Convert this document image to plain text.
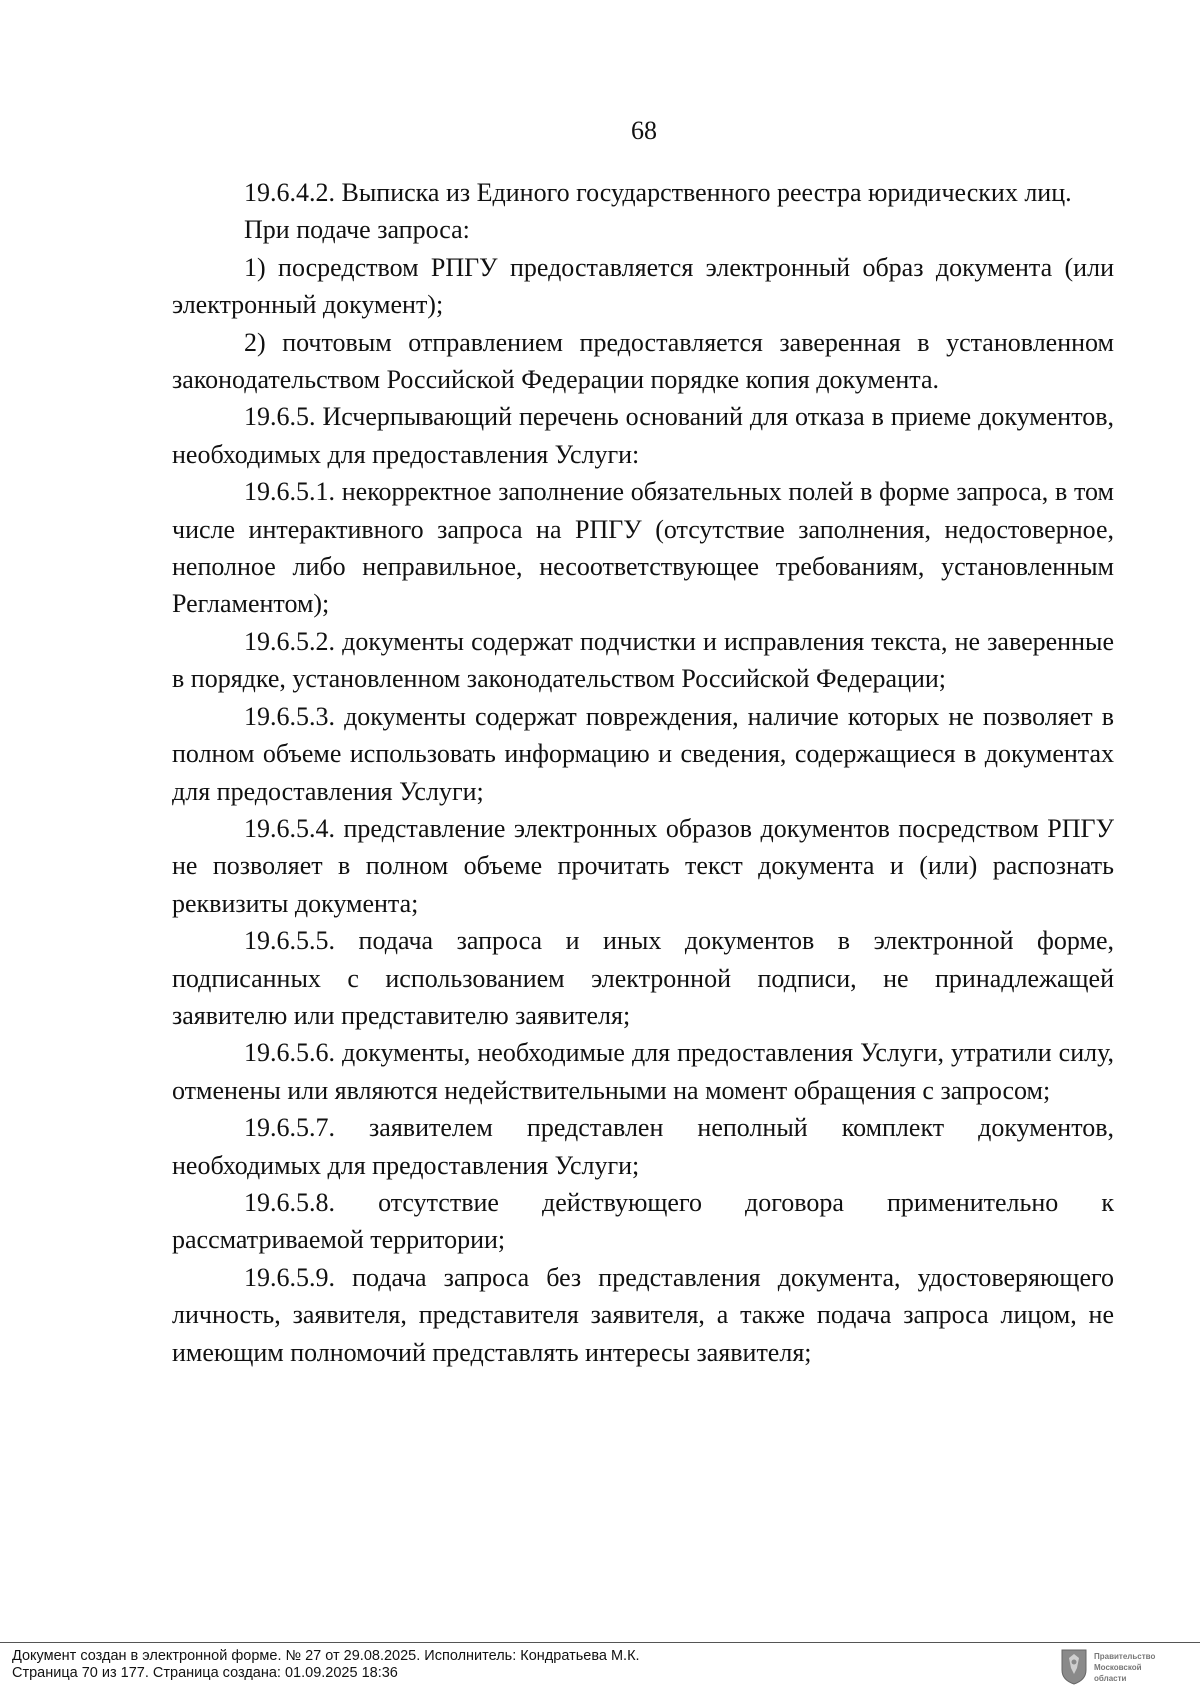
68

19.6.4.2. Выписка из Единого государственного реестра юридических лиц.

При подаче запроса:

1) посредством РПГУ предоставляется электронный образ документа (или электронный документ);

2) почтовым отправлением предоставляется заверенная в установленном законодательством Российской Федерации порядке копия документа.

19.6.5. Исчерпывающий перечень оснований для отказа в приеме документов, необходимых для предоставления Услуги:

19.6.5.1. некорректное заполнение обязательных полей в форме запроса, в том числе интерактивного запроса на РПГУ (отсутствие заполнения, недостоверное, неполное либо неправильное, несоответствующее требованиям, установленным Регламентом);

19.6.5.2. документы содержат подчистки и исправления текста, не заверенные в порядке, установленном законодательством Российской Федерации;

19.6.5.3. документы содержат повреждения, наличие которых не позволяет в полном объеме использовать информацию и сведения, содержащиеся в документах для предоставления Услуги;

19.6.5.4. представление электронных образов документов посредством РПГУ не позволяет в полном объеме прочитать текст документа и (или) распознать реквизиты документа;

19.6.5.5. подача запроса и иных документов в электронной форме, подписанных с использованием электронной подписи, не принадлежащей заявителю или представителю заявителя;

19.6.5.6. документы, необходимые для предоставления Услуги, утратили силу, отменены или являются недействительными на момент обращения с запросом;

19.6.5.7. заявителем представлен неполный комплект документов, необходимых для предоставления Услуги;

19.6.5.8. отсутствие действующего договора применительно к рассматриваемой территории;

19.6.5.9. подача запроса без представления документа, удостоверяющего личность, заявителя, представителя заявителя, а также подача запроса лицом, не имеющим полномочий представлять интересы заявителя;

Документ создан в электронной форме. № 27 от 29.08.2025. Исполнитель: Кондратьева М.К.
Страница 70 из 177. Страница создана: 01.09.2025 18:36
Правительство Московской области
